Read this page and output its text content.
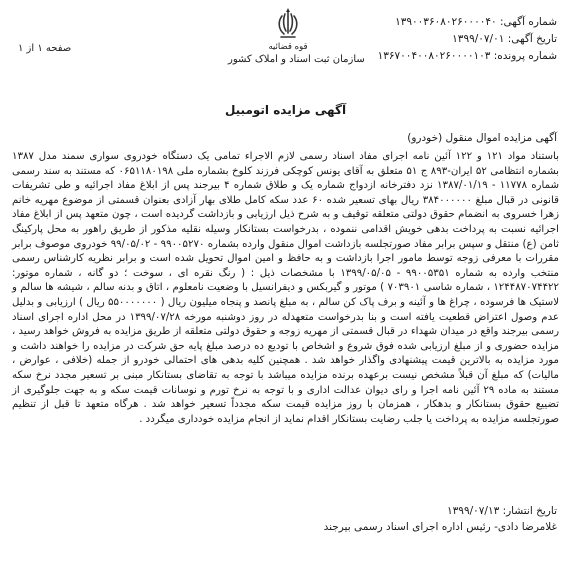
شماره آگهی: ۱۳۹۰۰۳۶۰۸۰۲۶۰۰۰۰۴۰
تاریخ آگهی: ۱۳۹۹/۰۷/۰۱
شماره پرونده: ۱۳۶۷۰۰۴۰۰۸۰۲۶۰۰۰۰۱۰۳
صفحه ۱ از ۱	قوه قضائیه
سازمان ثبت اسناد و املاک کشور
آگهی مزایده اتومبیل
آگهی مزایده اموال منقول (خودرو)

باستناد مواد ۱۲۱ و ۱۲۲ آئین نامه اجرای مفاد اسناد رسمی لازم الاجراء تمامی یک دستگاه خودروی سواری سمند مدل ۱۳۸۷ بشماره انتظامی ۵۲ ایران-۸۹۳ ج ۵۱ متعلق به آقای یونس کوچکی فرزند کلوخ بشماره ملی ۰۶۵۱۱۸۰۱۹۸ که مستند به سند رسمی شماره ۱۱۷۷۸ - ۱۳۸۷/۰۱/۱۹ نزد دفترخانه ازدواج شماره یک و طلاق شماره ۴ بیرجند پس از ابلاغ مفاد اجرائیه و طی تشریفات قانونی در قبال مبلغ ۳۸۴۰۰۰۰۰۰ ریال بهای تسعیر شده ۶۰ عدد سکه کامل طلای بهار آزادی بعنوان قسمتی از موضوع مهریه خانم زهرا خسروی به انضمام حقوق دولتی متعلقه توقیف و به شرح ذیل ارزیابی و بازداشت گردیده است ، چون متعهد پس از ابلاغ مفاد اجرائیه نسبت به پرداخت بدهی خویش اقدامی ننموده ، بدرخواست بستانکار وسیله نقلیه مذکور از طریق راهور به محل پارکینگ ثامن (ع) منتقل و سپس برابر مفاد صورتجلسه بازداشت اموال منقول وارده بشماره ۹۹۰۰۵۲۷۰ - ۹۹/۰۵/۰۲ خودروی موصوف برابر مقررات با معرفی زوجه توسط مامور اجرا بازداشت و به حافظ و امین اموال تحویل شده است و برابر نظریه کارشناس رسمی منتخب وارده به شماره ۹۹۰۰۵۳۵۱ - ۱۳۹۹/۰۵/۰۵ با مشخصات ذیل : ( رنگ نقره ای ، سوخت ؛ دو گانه ، شماره موتور: ۱۲۴۴۸۷۰۷۴۴۲۲ ، شماره شاسی ۷۰۳۹۰۱ ) موتور و گیربکس و دیفرانسیل با وضعیت نامعلوم ، اتاق و بدنه سالم ، شیشه ها سالم و لاستیک ها فرسوده ، چراغ ها و آئینه و برف پاک کن سالم ، به مبلغ پانصد و پنجاه میلیون ریال ( ۵۵۰۰۰۰۰۰۰ ریال ) ارزیابی و بدلیل عدم وصول اعتراض قطعیت یافته است و بنا بدرخواست متعهدله در روز دوشنبه مورخه ۱۳۹۹/۰۷/۲۸ در محل اداره اجرای اسناد رسمی بیرجند واقع در میدان شهداء در قبال قسمتی از مهریه زوجه و حقوق دولتی متعلقه از طریق مزایده به فروش خواهد رسید ، مزایده حضوری و از مبلغ ارزیابی شده فوق شروع و اشخاص با تودیع ده درصد مبلغ پایه حق شرکت در مزایده را خواهند داشت و مورد مزایده به بالاترین قیمت پیشنهادی واگذار خواهد شد . همچنین کلیه بدهی های احتمالی خودرو از جمله (خلافی ، عوارض ، مالیات) که مبلغ آن قبلاً مشخص نیست برعهده برنده مزایده میباشد با توجه به تقاضای بستانکار مبنی بر تسعیر مجدد نرخ سکه مستند به ماده ۲۹ آئین نامه اجرا و رای دیوان عدالت اداری و با توجه به نرخ تورم و نوسانات قیمت سکه و به جهت جلوگیری از تضییع حقوق بستانکار و بدهکار ، همزمان با روز مزایده قیمت سکه مجدداً تسعیر خواهد شد . هرگاه متعهد تا قبل از تنظیم صورتجلسه مزایده به پرداخت یا جلب رضایت بستانکار اقدام نماید از انجام مزایده خودداری میگردد .

تاریخ انتشار: ۱۳۹۹/۰۷/۱۳
غلامرضا دادی- رئیس اداره اجرای اسناد رسمی بیرجند
